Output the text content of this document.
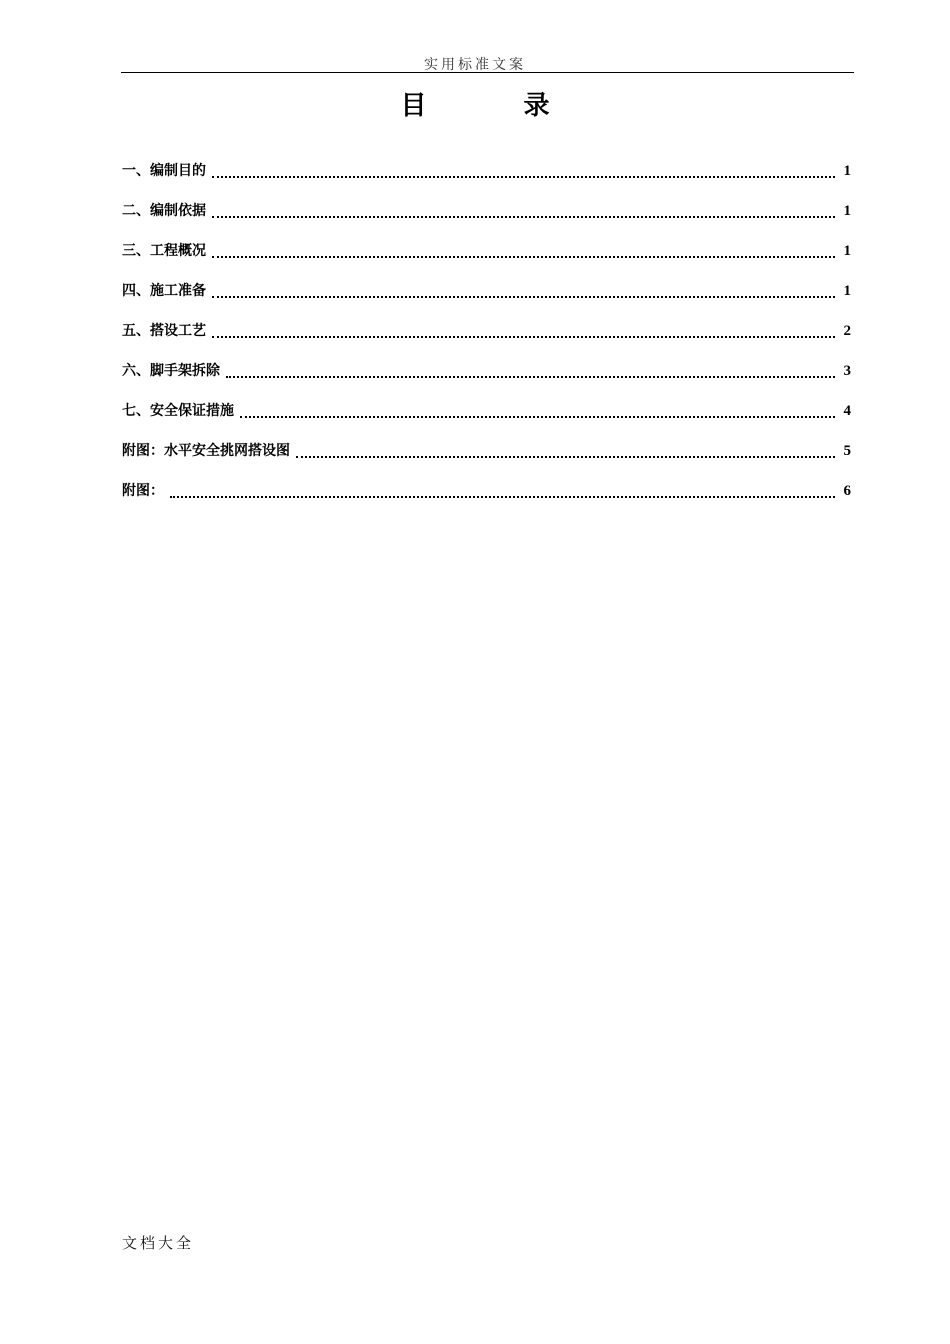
实用标准文案
目 录
一、编制目的	1
二、编制依据	1
三、工程概况	1
四、施工准备	1
五、搭设工艺	2
六、脚手架拆除	3
七、安全保证措施	4
附图：水平安全挑网搭设图	5
附图：	6
文档大全
